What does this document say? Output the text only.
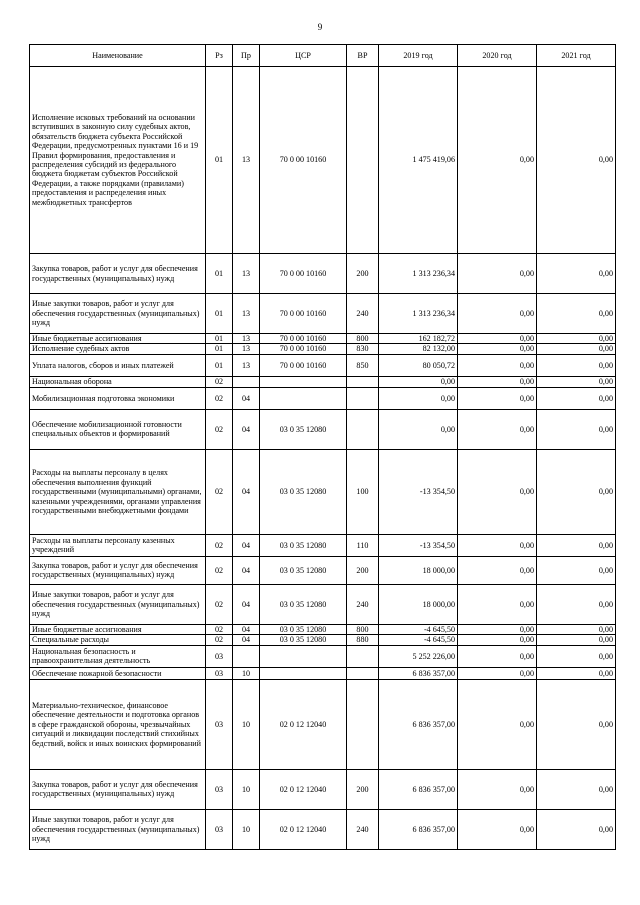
9
Наименование	Рз	Пр	ЦСР	ВР	2019 год	2020 год	2021 год
Исполнение исковых требований на основании вступивших в законную силу судебных актов, обязательств бюджета субъекта Российской Федерации, предусмотренных пунктами 16 и 19 Правил формирования, предоставления и распределения субсидий из федерального бюджета бюджетам субъектов Российской Федерации, а также порядками (правилами) предоставления и распределения иных межбюджетных трансфертов	01	13	70 0 00 10160		1 475 419,06	0,00	0,00
Закупка товаров, работ и услуг для обеспечения государственных (муниципальных) нужд	01	13	70 0 00 10160	200	1 313 236,34	0,00	0,00
Иные закупки товаров, работ и услуг для обеспечения государственных (муниципальных) нужд	01	13	70 0 00 10160	240	1 313 236,34	0,00	0,00
Иные бюджетные ассигнования	01	13	70 0 00 10160	800	162 182,72	0,00	0,00
Исполнение судебных актов	01	13	70 0 00 10160	830	82 132,00	0,00	0,00
Уплата налогов, сборов и иных платежей	01	13	70 0 00 10160	850	80 050,72	0,00	0,00
Национальная оборона	02				0,00	0,00	0,00
Мобилизационная подготовка экономики	02	04			0,00	0,00	0,00
Обеспечение мобилизационной готовности специальных объектов и формирований	02	04	03 0 35 12080		0,00	0,00	0,00
Расходы на выплаты персоналу в целях обеспечения выполнения функций государственными (муниципальными) органами, казенными учреждениями, органами управления государственными внебюджетными фондами	02	04	03 0 35 12080	100	-13 354,50	0,00	0,00
Расходы на выплаты персоналу казенных учреждений	02	04	03 0 35 12080	110	-13 354,50	0,00	0,00
Закупка товаров, работ и услуг для обеспечения государственных (муниципальных) нужд	02	04	03 0 35 12080	200	18 000,00	0,00	0,00
Иные закупки товаров, работ и услуг для обеспечения государственных (муниципальных) нужд	02	04	03 0 35 12080	240	18 000,00	0,00	0,00
Иные бюджетные ассигнования	02	04	03 0 35 12080	800	-4 645,50	0,00	0,00
Специальные расходы	02	04	03 0 35 12080	880	-4 645,50	0,00	0,00
Национальная безопасность и правоохранительная деятельность	03				5 252 226,00	0,00	0,00
Обеспечение пожарной безопасности	03	10			6 836 357,00	0,00	0,00
Материально-техническое, финансовое обеспечение деятельности и подготовка органов в сфере гражданской обороны, чрезвычайных ситуаций и ликвидации последствий стихийных бедствий, войск и иных воинских формирований	03	10	02 0 12 12040		6 836 357,00	0,00	0,00
Закупка товаров, работ и услуг для обеспечения государственных (муниципальных) нужд	03	10	02 0 12 12040	200	6 836 357,00	0,00	0,00
Иные закупки товаров, работ и услуг для обеспечения государственных (муниципальных) нужд	03	10	02 0 12 12040	240	6 836 357,00	0,00	0,00
